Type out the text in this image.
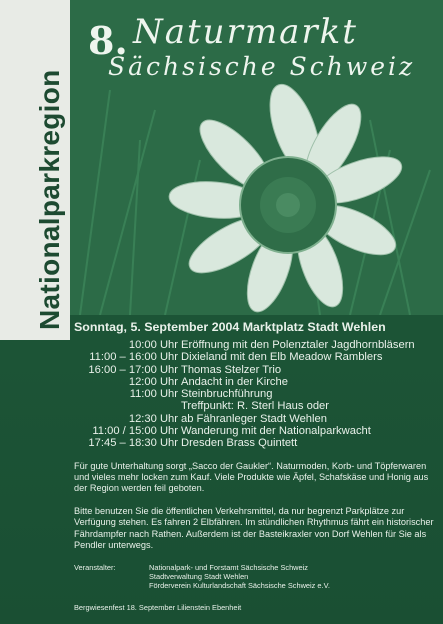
Nationalparkregion
8. Naturmarkt
Sächsische Schweiz
Sonntag, 5. September 2004 Marktplatz Stadt Wehlen
10:00 Uhr Eröffnung mit den Polenztaler Jagdhornbläsern
11:00 – 16:00 Uhr Dixieland mit den Elb Meadow Ramblers
16:00 – 17:00 Uhr Thomas Stelzer Trio
12:00 Uhr Andacht in der Kirche
11:00 Uhr Steinbruchführung
Treffpunkt: R. Sterl Haus oder
12:30 Uhr ab Fähranleger Stadt Wehlen
11:00 / 15:00 Uhr Wanderung mit der Nationalparkwacht
17:45 – 18:30 Uhr Dresden Brass Quintett
Für gute Unterhaltung sorgt „Sacco der Gaukler“. Naturmoden, Korb- und Töpferwaren und vieles mehr locken zum Kauf. Viele Produkte wie Äpfel, Schafskäse und Honig aus der Region werden feil geboten.
Bitte benutzen Sie die öffentlichen Verkehrsmittel, da nur begrenzt Parkplätze zur Verfügung stehen. Es fahren 2 Elbfähren. Im stündlichen Rhythmus fährt ein historischer Fährdampfer nach Rathen. Außerdem ist der Basteikraxler von Dorf Wehlen für Sie als Pendler unterwegs.
Veranstalter:	Nationalpark- und Forstamt Sächsische Schweiz
Stadtverwaltung Stadt Wehlen
Förderverein Kulturlandschaft Sächsische Schweiz e.V.
Bergwiesenfest 18. September Lilienstein Ebenheit
